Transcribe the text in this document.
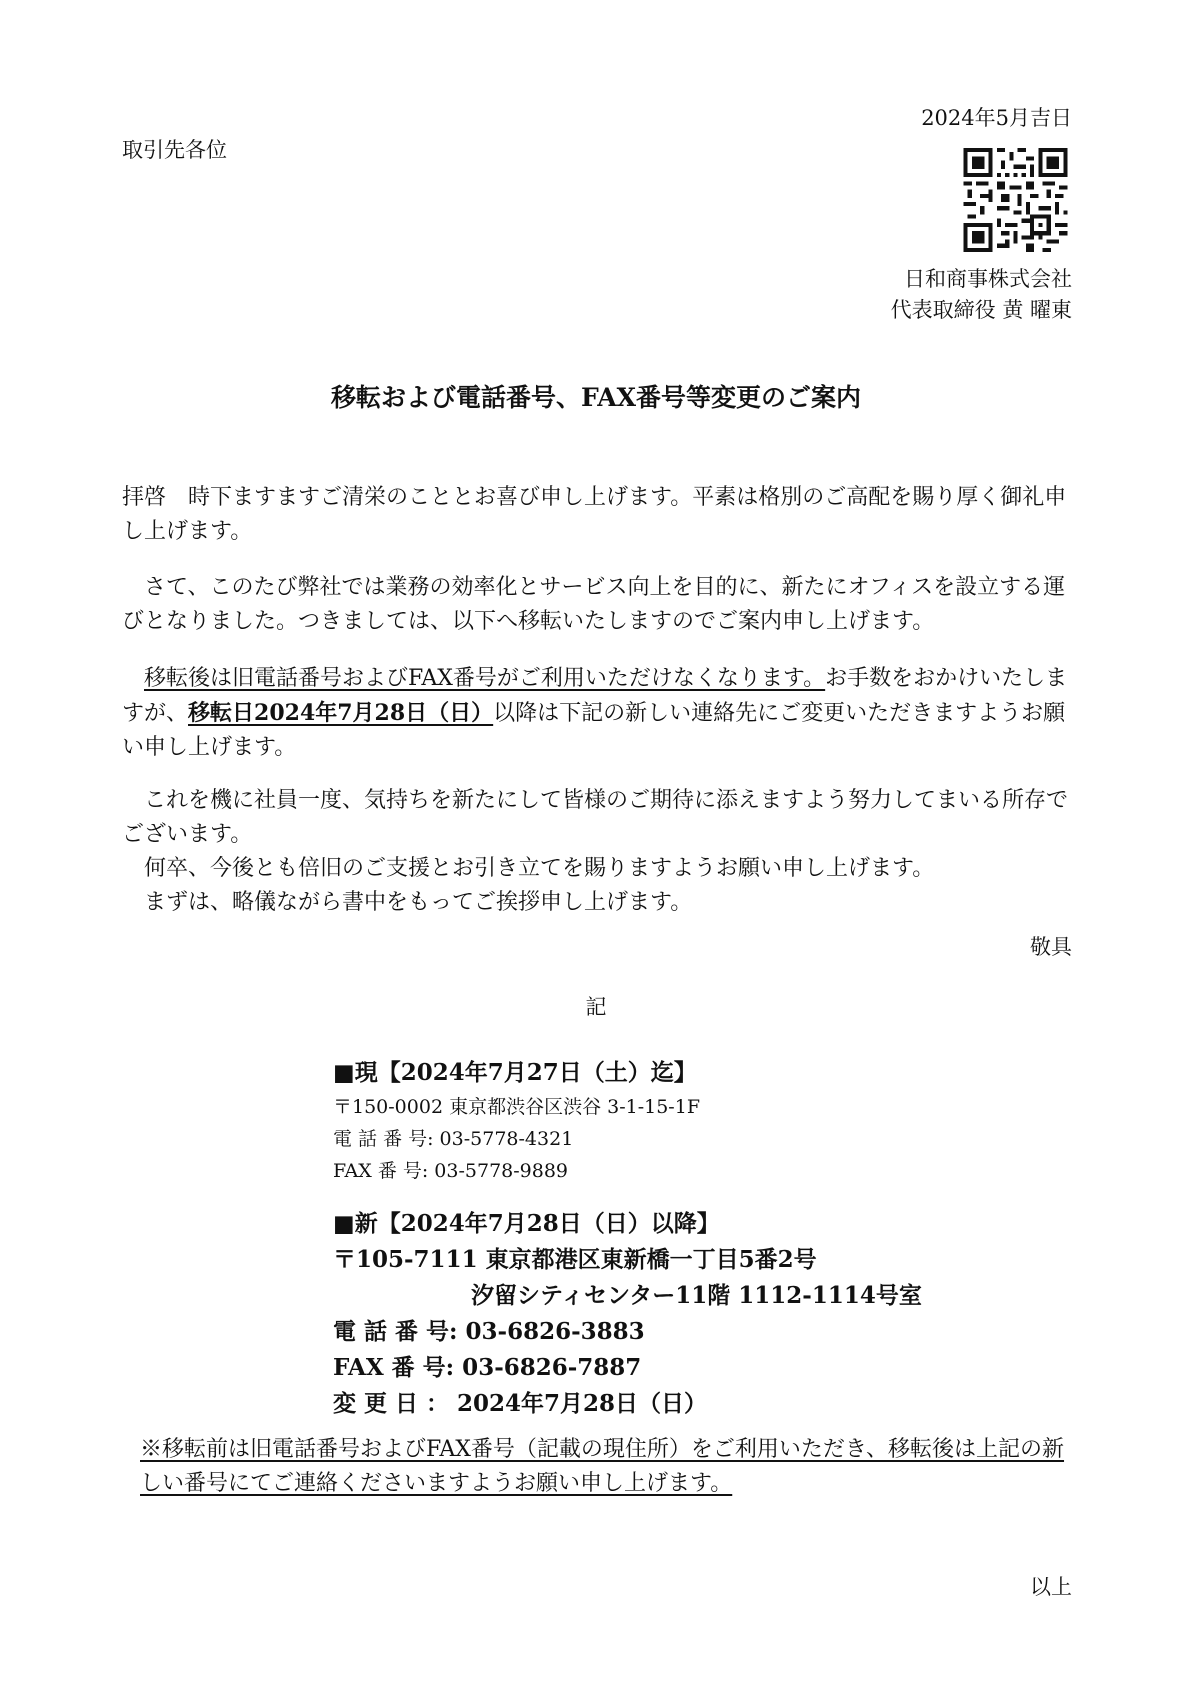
2024年5月吉日
取引先各位
日和商事株式会社
代表取締役 黄 曜東
移転および電話番号、FAX番号等変更のご案内

拝啓　時下ますますご清栄のこととお喜び申し上げます。平素は格別のご高配を賜り厚く御礼申し上げます。

さて、このたび弊社では業務の効率化とサービス向上を目的に、新たにオフィスを設立する運びとなりました。つきましては、以下へ移転いたしますのでご案内申し上げます。

移転後は旧電話番号およびFAX番号がご利用いただけなくなります。お手数をおかけいたしますが、移転日2024年7月28日（日）以降は下記の新しい連絡先にご変更いただきますようお願い申し上げます。

これを機に社員一度、気持ちを新たにして皆様のご期待に添えますよう努力してまいる所存でございます。

何卒、今後とも倍旧のご支援とお引き立てを賜りますようお願い申し上げます。

まずは、略儀ながら書中をもってご挨拶申し上げます。

敬具
記
■現【2024年7月27日（土）迄】
〒150-0002 東京都渋谷区渋谷 3-1-15-1F
電 話 番 号: 03-5778-4321
FAX 番 号: 03-5778-9889
■新【2024年7月28日（日）以降】
〒105-7111 東京都港区東新橋一丁目5番2号
汐留シティセンター11階 1112-1114号室
電 話 番 号: 03-6826-3883
FAX 番 号: 03-6826-7887
変 更 日 ： 2024年7月28日（日）
※移転前は旧電話番号およびFAX番号（記載の現住所）をご利用いただき、移転後は上記の新しい番号にてご連絡くださいますようお願い申し上げます。
以上
